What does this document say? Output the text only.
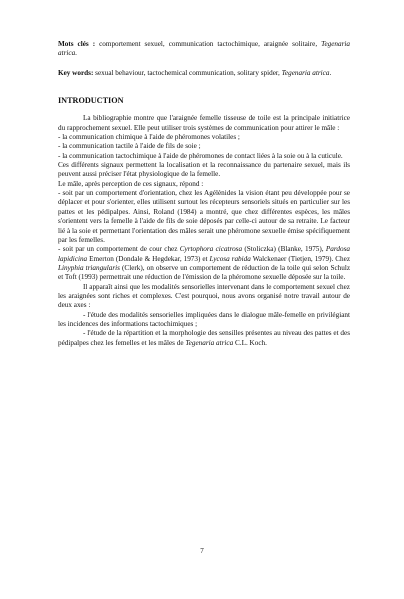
Mots clés : comportement sexuel, communication tactochimique, araignée solitaire, Tegenaria atrica.

Key words: sexual behaviour, tactochemical communication, solitary spider, Tegenaria atrica.

INTRODUCTION

La bibliographie montre que l'araignée femelle tisseuse de toile est la principale initiatrice du rapprochement sexuel. Elle peut utiliser trois systèmes de communication pour attirer le mâle :

- la communication chimique à l'aide de phéromones volatiles ;

- la communication tactile à l'aide de fils de soie ;

- la communication tactochimique à l'aide de phéromones de contact liées à la soie ou à la cuticule.

Ces différents signaux permettent la localisation et la reconnaissance du partenaire sexuel, mais ils peuvent aussi préciser l'état physiologique de la femelle.

Le mâle, après perception de ces signaux, répond :

- soit par un comportement d'orientation, chez les Agélènides la vision étant peu développée pour se déplacer et pour s'orienter, elles utilisent surtout les récepteurs sensoriels situés en particulier sur les pattes et les pédipalpes. Ainsi, Roland (1984) a montré, que chez différentes espèces, les mâles s'orientent vers la femelle à l'aide de fils de soie déposés par celle-ci autour de sa retraite. Le facteur lié à la soie et permettant l'orientation des mâles serait une phéromone sexuelle émise spécifiquement par les femelles.

- soit par un comportement de cour chez Cyrtophora cicatrosa (Stoliczka) (Blanke, 1975), Pardosa lapidicina Emerton (Dondale & Hegdekar, 1973) et Lycosa rabida Walckenaer (Tietjen, 1979). Chez Linyphia triangularis (Clerk), on observe un comportement de réduction de la toile qui selon Schulz et Toft (1993) permettrait une réduction de l'émission de la phéromone sexuelle déposée sur la toile.

Il apparaît ainsi que les modalités sensorielles intervenant dans le comportement sexuel chez les araignées sont riches et complexes. C'est pourquoi, nous avons organisé notre travail autour de deux axes :

- l'étude des modalités sensorielles impliquées dans le dialogue mâle-femelle en privilégiant les incidences des informations tactochimiques ;

- l'étude de la répartition et la morphologie des sensilles présentes au niveau des pattes et des pédipalpes chez les femelles et les mâles de Tegenaria atrica C.L. Koch.

7
